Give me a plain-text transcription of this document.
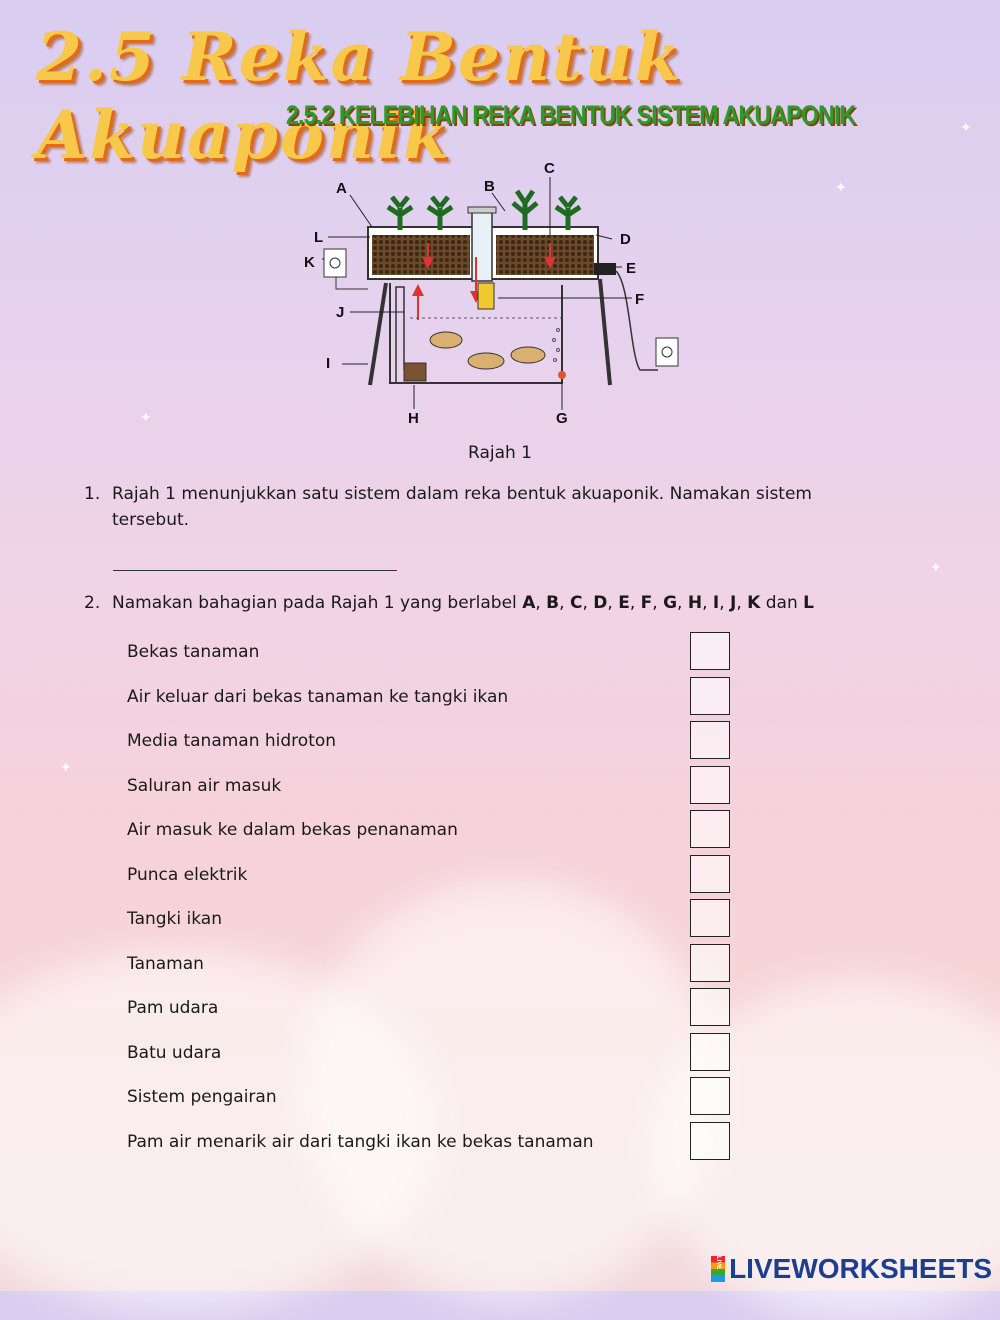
✦
✦
✦
✦
✦
2.5 Reka Bentuk Akuaponik
2.5.2 KELEBIHAN REKA BENTUK SISTEM AKUAPONIK
A	B
C
D
E
F
G
H
I
J
K
L
Rajah 1
1. Rajah 1 menunjukkan satu sistem dalam reka bentuk akuaponik. Namakan sistem tersebut.
2. Namakan bahagian pada Rajah 1 yang berlabel A, B, C, D, E, F, G, H, I, J, K dan L
Bekas tanaman
Air keluar dari bekas tanaman ke tangki ikan
Media tanaman hidroton
Saluran air masuk
Air masuk ke dalam bekas penanaman
Punca elektrik
Tangki ikan
Tanaman
Pam udara
Batu udara
Sistem pengairan
Pam air menarik air dari tangki ikan ke bekas tanaman
LIVE LIVEWORKSHEETS
